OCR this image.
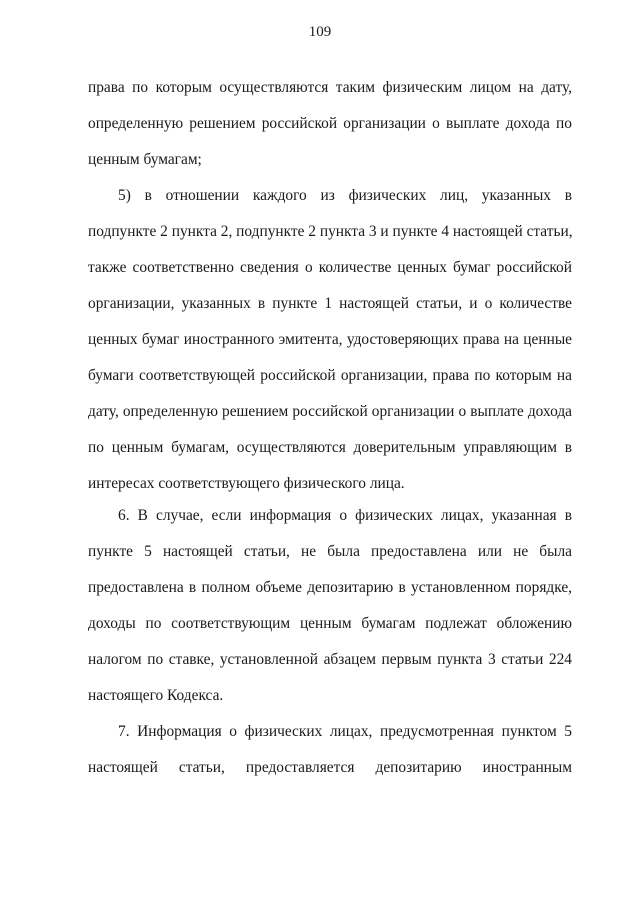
109
права по которым осуществляются таким физическим лицом на дату,
определенную решением российской организации о выплате дохода по
ценным бумагам;
5) в отношении каждого из физических лиц, указанных в
подпункте 2 пункта 2, подпункте 2 пункта 3 и пункте 4 настоящей статьи,
также соответственно сведения о количестве ценных бумаг российской
организации, указанных в пункте 1 настоящей статьи, и о количестве
ценных бумаг иностранного эмитента, удостоверяющих права на ценные
бумаги соответствующей российской организации, права по которым на
дату, определенную решением российской организации о выплате дохода
по ценным бумагам, осуществляются доверительным управляющим в
интересах соответствующего физического лица.
6. В случае, если информация о физических лицах, указанная в
пункте 5 настоящей статьи, не была предоставлена или не была
предоставлена в полном объеме депозитарию в установленном порядке,
доходы по соответствующим ценным бумагам подлежат обложению
налогом по ставке, установленной абзацем первым пункта 3 статьи 224
настоящего Кодекса.
7. Информация о физических лицах, предусмотренная пунктом 5
настоящей статьи, предоставляется депозитарию иностранным
